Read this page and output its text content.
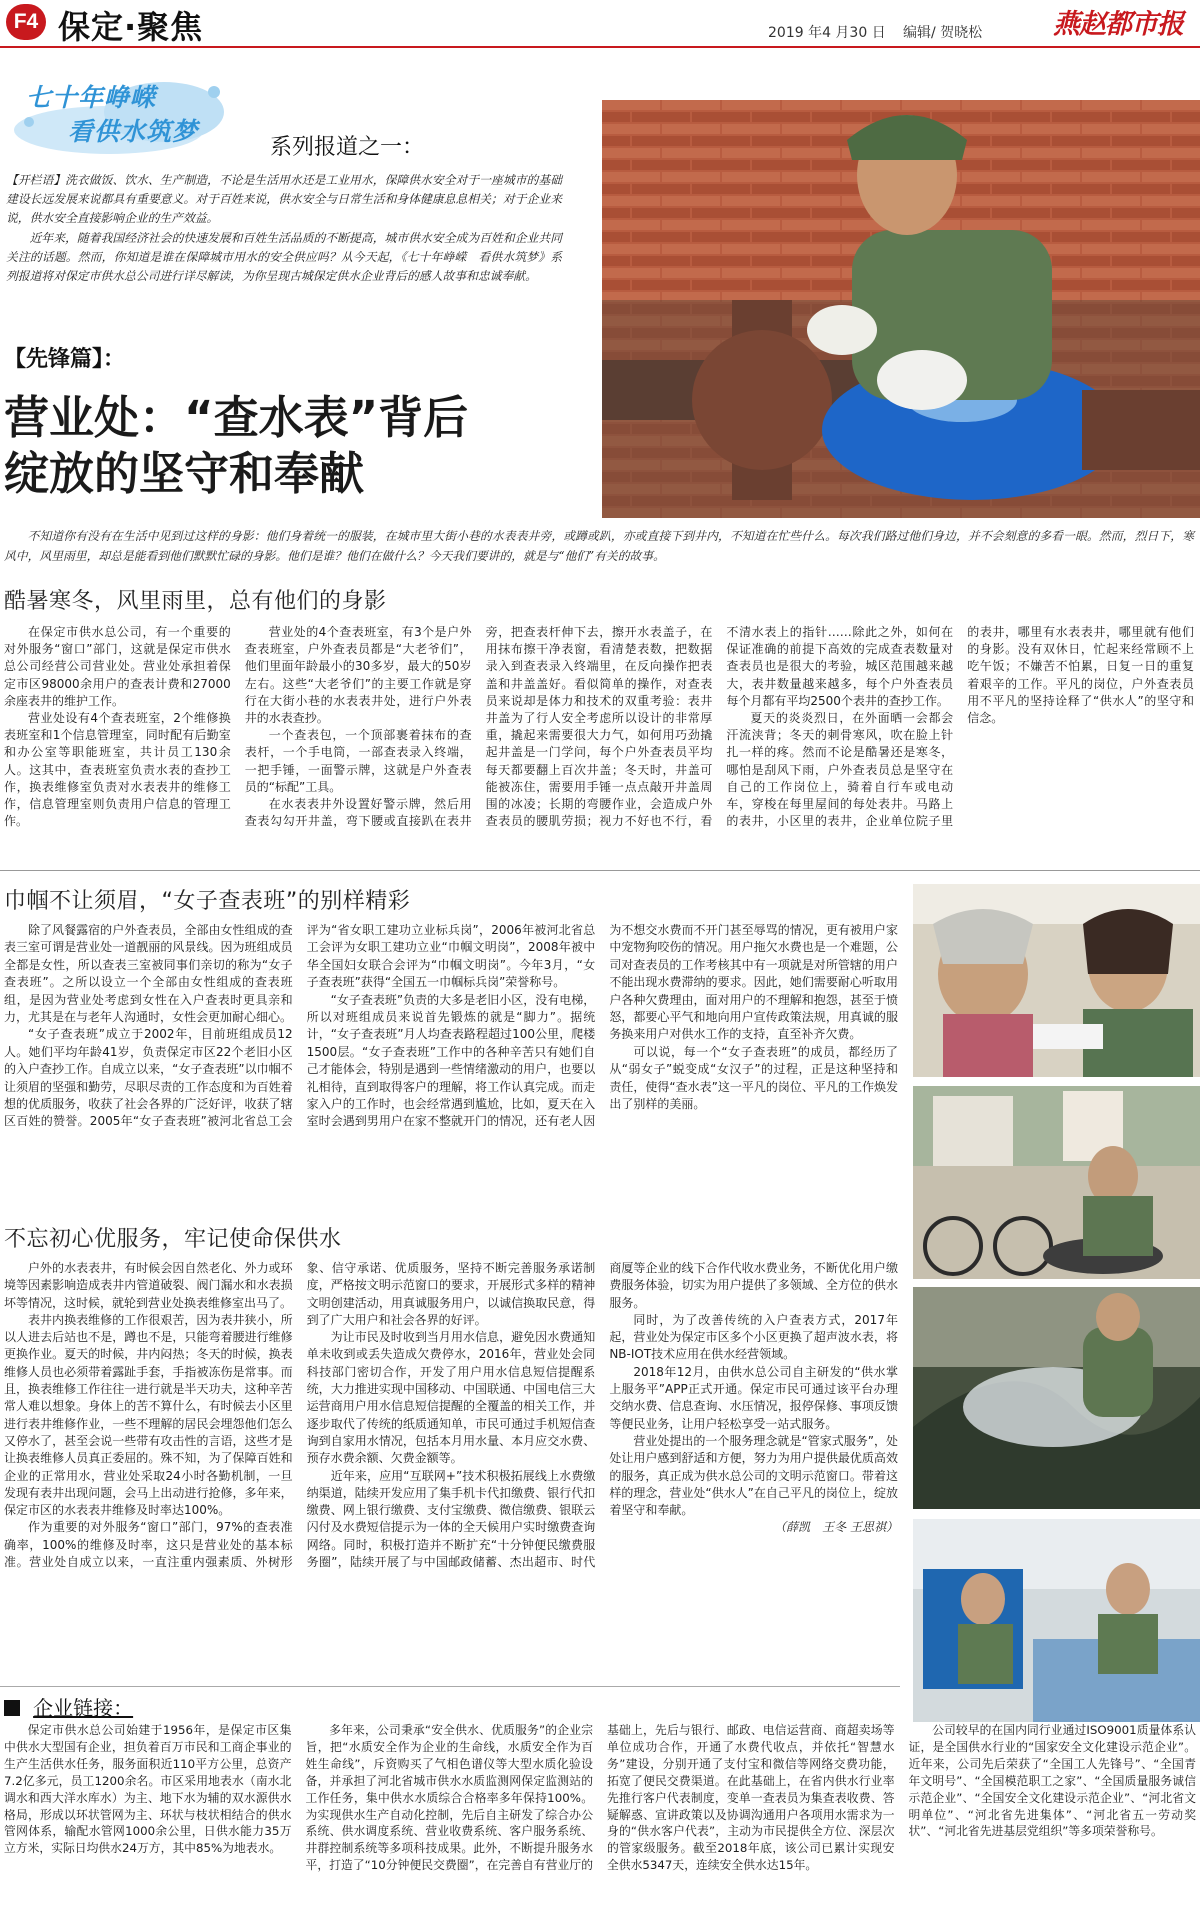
F4 保定·聚焦	2019 年4 月30 日 编辑/ 贺晓松	燕赵都市报
七十年峥嵘
看供水筑梦
系列报道之一：

【开栏语】洗衣做饭、饮水、生产制造，不论是生活用水还是工业用水，保障供水安全对于一座城市的基础建设长远发展来说都具有重要意义。对于百姓来说，供水安全与日常生活和身体健康息息相关；对于企业来说，供水安全直接影响企业的生产效益。

近年来，随着我国经济社会的快速发展和百姓生活品质的不断提高，城市供水安全成为百姓和企业共同关注的话题。然而，你知道是谁在保障城市用水的安全供应吗？从今天起，《七十年峥嵘　看供水筑梦》系列报道将对保定市供水总公司进行详尽解读，为你呈现古城保定供水企业背后的感人故事和忠诚奉献。

【先锋篇】：
营业处：“查水表”背后
绽放的坚守和奉献

不知道你有没有在生活中见到过这样的身影：他们身着统一的服装，在城市里大街小巷的水表表井旁，或蹲或趴，亦或直接下到井内，不知道在忙些什么。每次我们路过他们身边，并不会刻意的多看一眼。然而，烈日下，寒风中，风里雨里，却总是能看到他们默默忙碌的身影。他们是谁？他们在做什么？今天我们要讲的，就是与“他们”有关的故事。

酷暑寒冬，风里雨里，总有他们的身影

在保定市供水总公司，有一个重要的对外服务“窗口”部门，这就是保定市供水总公司经营公司营业处。营业处承担着保定市区98000余用户的查表计费和27000余座表井的维护工作。

营业处设有4个查表班室，2个维修换表班室和1个信息管理室，同时配有后勤室和办公室等职能班室，共计员工130余人。这其中，查表班室负责水表的查抄工作，换表维修室负责对水表表井的维修工作，信息管理室则负责用户信息的管理工作。

营业处的4个查表班室，有3个是户外查表班室，户外查表员都是“大老爷们”，他们里面年龄最小的30多岁，最大的50岁左右。这些“大老爷们”的主要工作就是穿行在大街小巷的水表表井处，进行户外表井的水表查抄。

一个查表包，一个顶部裹着抹布的查表杆，一个手电筒，一部查表录入终端，一把手锤，一面警示牌，这就是户外查表员的“标配”工具。

在水表表井外设置好警示牌，然后用查表勾勾开井盖，弯下腰或直接趴在表井旁，把查表杆伸下去，擦开水表盖子，在用抹布擦干净表窗，看清楚表数，把数据录入到查表录入终端里，在反向操作把表盖和井盖盖好。看似简单的操作，对查表员来说却是体力和技术的双重考验：表井井盖为了行人安全考虑所以设计的非常厚重，撬起来需要很大力气，如何用巧劲撬起井盖是一门学问，每个户外查表员平均每天都要翻上百次井盖；冬天时，井盖可能被冻住，需要用手锤一点点敲开井盖周围的冰凌；长期的弯腰作业，会造成户外查表员的腰肌劳损；视力不好也不行，看不清水表上的指针……除此之外，如何在保证准确的前提下高效的完成查表数量对查表员也是很大的考验，城区范围越来越大，表井数量越来越多，每个户外查表员每个月都有平均2500个表井的查抄工作。

夏天的炎炎烈日，在外面晒一会都会汗流浃背；冬天的刺骨寒风，吹在脸上针扎一样的疼。然而不论是酷暑还是寒冬，哪怕是刮风下雨，户外查表员总是坚守在自己的工作岗位上，骑着自行车或电动车，穿梭在每里屋间的每处表井。马路上的表井，小区里的表井，企业单位院子里的表井，哪里有水表表井，哪里就有他们的身影。没有双休日，忙起来经常顾不上吃午饭；不嫌苦不怕累，日复一日的重复着艰辛的工作。平凡的岗位，户外查表员用不平凡的坚持诠释了“供水人”的坚守和信念。

巾帼不让须眉，“女子查表班”的别样精彩

除了风餐露宿的户外查表员，全部由女性组成的查表三室可谓是营业处一道靓丽的风景线。因为班组成员全都是女性，所以查表三室被同事们亲切的称为“女子查表班”。之所以设立一个全部由女性组成的查表班组，是因为营业处考虑到女性在入户查表时更具亲和力，尤其是在与老年人沟通时，女性会更加耐心细心。

“女子查表班”成立于2002年，目前班组成员12人。她们平均年龄41岁，负责保定市区22个老旧小区的入户查抄工作。自成立以来，“女子查表班”以巾帼不让须眉的坚强和勤劳，尽职尽责的工作态度和为百姓着想的优质服务，收获了社会各界的广泛好评，收获了辖区百姓的赞誉。2005年“女子查表班”被河北省总工会评为“省女职工建功立业标兵岗”，2006年被河北省总工会评为女职工建功立业“巾帼文明岗”，2008年被中华全国妇女联合会评为“巾帼文明岗”。今年3月，“女子查表班”获得“全国五一巾帼标兵岗”荣誉称号。

“女子查表班”负责的大多是老旧小区，没有电梯，所以对班组成员来说首先锻炼的就是“脚力”。据统计，“女子查表班”月人均查表路程超过100公里，爬楼1500层。“女子查表班”工作中的各种辛苦只有她们自己才能体会，特别是遇到一些情绪激动的用户，也要以礼相待，直到取得客户的理解，将工作认真完成。而走家入户的工作时，也会经常遇到尴尬，比如，夏天在入室时会遇到男用户在家不整就开门的情况，还有老人因为不想交水费而不开门甚至辱骂的情况，更有被用户家中宠物狗咬伤的情况。用户拖欠水费也是一个难题，公司对查表员的工作考核其中有一项就是对所管辖的用户不能出现水费滞纳的要求。因此，她们需要耐心听取用户各种欠费理由，面对用户的不理解和抱怨，甚至于愤怒，都要心平气和地向用户宣传政策法规，用真诚的服务换来用户对供水工作的支持，直至补齐欠费。

可以说，每一个“女子查表班”的成员，都经历了从“弱女子”蜕变成“女汉子”的过程，正是这种坚持和责任，使得“查水表”这一平凡的岗位、平凡的工作焕发出了别样的美丽。

不忘初心优服务，牢记使命保供水

户外的水表表井，有时候会因自然老化、外力或环境等因素影响造成表井内管道破裂、阀门漏水和水表损坏等情况，这时候，就轮到营业处换表维修室出马了。

表井内换表维修的工作很艰苦，因为表井狭小，所以人进去后站也不是，蹲也不是，只能弯着腰进行维修更换作业。夏天的时候，井内闷热；冬天的时候，换表维修人员也必须带着露趾手套，手指被冻伤是常事。而且，换表维修工作往往一进行就是半天功夫，这种辛苦常人难以想象。身体上的苦不算什么，有时候去小区里进行表井维修作业，一些不理解的居民会埋怨他们怎么又停水了，甚至会说一些带有攻击性的言语，这些才是让换表维修人员真正委屈的。殊不知，为了保障百姓和企业的正常用水，营业处采取24小时各勤机制，一旦发现有表井出现问题，会马上出动进行抢修，多年来，保定市区的水表表井维修及时率达100%。

作为重要的对外服务“窗口”部门，97%的查表准确率，100%的维修及时率，这只是营业处的基本标准。营业处自成立以来，一直注重内强素质、外树形象、信守承诺、优质服务，坚持不断完善服务承诺制度，严格按文明示范窗口的要求，开展形式多样的精神文明创建活动，用真诚服务用户，以诚信换取民意，得到了广大用户和社会各界的好评。

为让市民及时收到当月用水信息，避免因水费通知单未收到或丢失造成欠费停水，2016年，营业处会同科技部门密切合作，开发了用户用水信息短信提醒系统，大力推进实现中国移动、中国联通、中国电信三大运营商用户用水信息短信提醒的全覆盖的相关工作，并逐步取代了传统的纸质通知单，市民可通过手机短信查询到自家用水情况，包括本月用水量、本月应交水费、预存水费余额、欠费金额等。

近年来，应用“互联网+”技术积极拓展线上水费缴纳渠道，陆续开发应用了集手机卡代扣缴费、银行代扣缴费、网上银行缴费、支付宝缴费、微信缴费、银联云闪付及水费短信提示为一体的全天候用户实时缴费查询网络。同时，积极打造并不断扩充“十分钟便民缴费服务圈”，陆续开展了与中国邮政储蓄、杰出超市、时代商厦等企业的线下合作代收水费业务，不断优化用户缴费服务体验，切实为用户提供了多领域、全方位的供水服务。

同时，为了改善传统的入户查表方式，2017年起，营业处为保定市区多个小区更换了超声波水表，将NB-IOT技术应用在供水经营领域。

2018年12月，由供水总公司自主研发的“供水掌上服务平”APP正式开通。保定市民可通过该平台办理交纳水费、信息查询、水压情况，报停保修、事项反馈等便民业务，让用户轻松享受一站式服务。

营业处提出的一个服务理念就是“管家式服务”，处处让用户感到舒适和方便，努力为用户提供最优质高效的服务，真正成为供水总公司的文明示范窗口。带着这样的理念，营业处“供水人”在自己平凡的岗位上，绽放着坚守和奉献。

（薛凯　王冬 王思祺）

企业链接：

保定市供水总公司始建于1956年，是保定市区集中供水大型国有企业，担负着百万市民和工商企事业的生产生活供水任务，服务面积近110平方公里，总资产7.2亿多元，员工1200余名。市区采用地表水（南水北调水和西大洋水库水）为主、地下水为辅的双水源供水格局，形成以环状管网为主、环状与枝状相结合的供水管网体系，输配水管网1000余公里，日供水能力35万立方米，实际日均供水24万方，其中85%为地表水。

多年来，公司秉承“安全供水、优质服务”的企业宗旨，把“水质安全作为企业的生命线，水质安全作为百姓生命线”，斥资购买了气相色谱仪等大型水质化验设备，并承担了河北省城市供水水质监测网保定监测站的工作任务，集中供水水质综合合格率多年保持100%。为实现供水生产自动化控制，先后自主研发了综合办公系统、供水调度系统、营业收费系统、客户服务系统、井群控制系统等多项科技成果。此外，不断提升服务水平，打造了“10分钟便民交费圈”，在完善自有营业厅的基础上，先后与银行、邮政、电信运营商、商超卖场等单位成功合作，开通了水费代收点，并依托“智慧水务”建设，分别开通了支付宝和微信等网络交费功能，拓宽了便民交费渠道。在此基础上，在省内供水行业率先推行客户代表制度，变单一查表员为集查表收费、答疑解惑、宣讲政策以及协调沟通用户各项用水需求为一身的“供水客户代表”，主动为市民提供全方位、深层次的管家级服务。截至2018年底，该公司已累计实现安全供水5347天，连续安全供水达15年。

公司较早的在国内同行业通过ISO9001质量体系认证，是全国供水行业的“国家安全文化建设示范企业”。近年来，公司先后荣获了“全国工人先锋号”、“全国青年文明号”、“全国模范职工之家”、“全国质量服务诚信示范企业”、“全国安全文化建设示范企业”、“河北省文明单位”、“河北省先进集体”、“河北省五一劳动奖状”、“河北省先进基层党组织”等多项荣誉称号。
